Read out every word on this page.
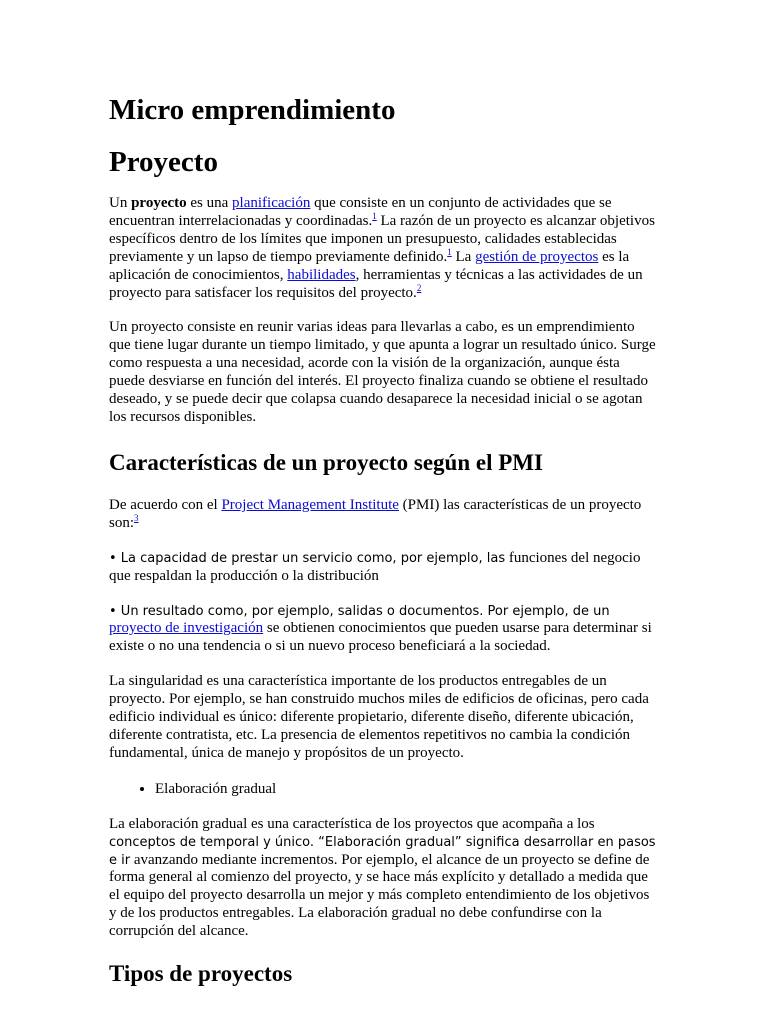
Micro emprendimiento
Proyecto

Un proyecto es una planificación que consiste en un conjunto de actividades que se encuentran interrelacionadas y coordinadas.$^1$ La razón de un proyecto es alcanzar objetivos específicos dentro de los límites que imponen un presupuesto, calidades establecidas previamente y un lapso de tiempo previamente definido.$^1$ La gestión de proyectos es la aplicación de conocimientos, habilidades, herramientas y técnicas a las actividades de un proyecto para satisfacer los requisitos del proyecto.$^2$

Un proyecto consiste en reunir varias ideas para llevarlas a cabo, es un emprendimiento que tiene lugar durante un tiempo limitado, y que apunta a lograr un resultado único. Surge como respuesta a una necesidad, acorde con la visión de la organización, aunque ésta puede desviarse en función del interés. El proyecto finaliza cuando se obtiene el resultado deseado, y se puede decir que colapsa cuando desaparece la necesidad inicial o se agotan los recursos disponibles.

Características de un proyecto según el PMI

De acuerdo con el Project Management Institute (PMI) las características de un proyecto son:$^3$

• La capacidad de prestar un servicio como, por ejemplo, las funciones del negocio que respaldan la producción o la distribución

• Un resultado como, por ejemplo, salidas o documentos. Por ejemplo, de un proyecto de investigación se obtienen conocimientos que pueden usarse para determinar si existe o no una tendencia o si un nuevo proceso beneficiará a la sociedad.

La singularidad es una característica importante de los productos entregables de un proyecto. Por ejemplo, se han construido muchos miles de edificios de oficinas, pero cada edificio individual es único: diferente propietario, diferente diseño, diferente ubicación, diferente contratista, etc. La presencia de elementos repetitivos no cambia la condición fundamental, única de manejo y propósitos de un proyecto.

• Elaboración gradual

La elaboración gradual es una característica de los proyectos que acompaña a los conceptos de temporal y único. “Elaboración gradual” significa desarrollar en pasos e ir avanzando mediante incrementos. Por ejemplo, el alcance de un proyecto se define de forma general al comienzo del proyecto, y se hace más explícito y detallado a medida que el equipo del proyecto desarrolla un mejor y más completo entendimiento de los objetivos y de los productos entregables. La elaboración gradual no debe confundirse con la corrupción del alcance.

Tipos de proyectos
